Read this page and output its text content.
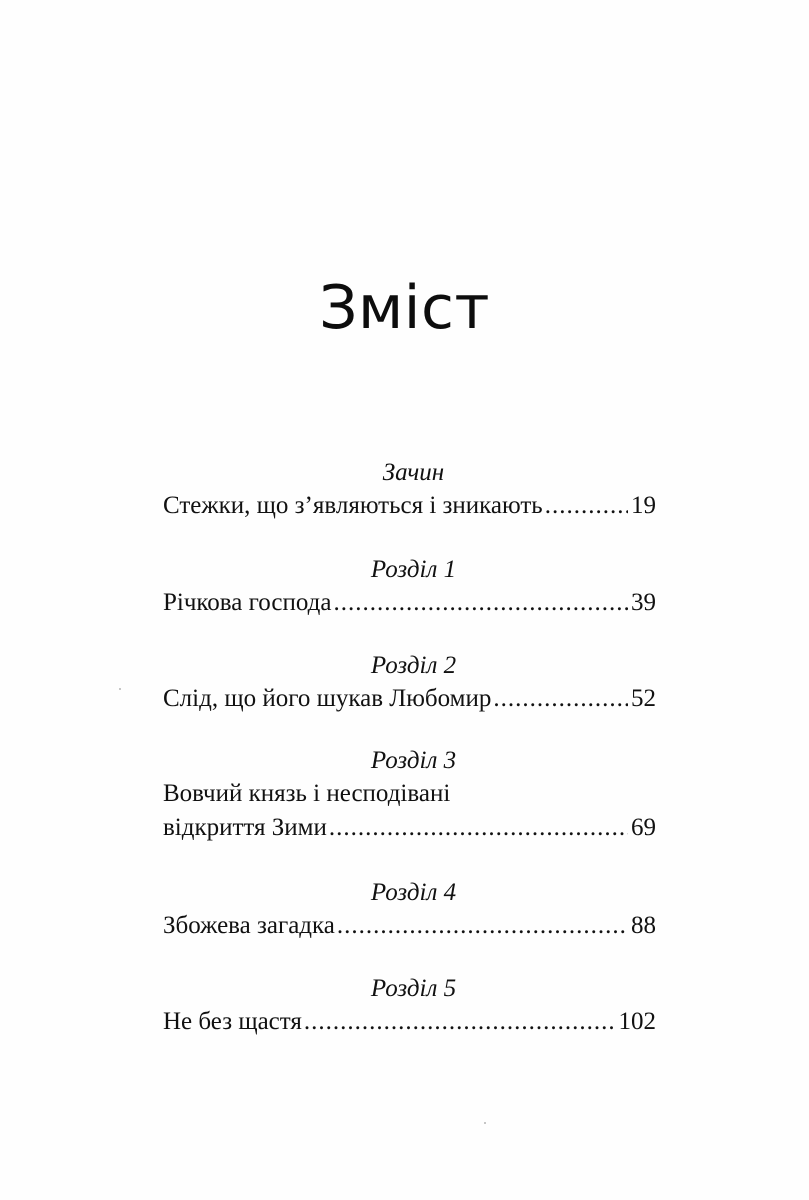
Зміст
Зачин
Стежки, що з’являються і зникають .....	19
Розділ 1
Річкова господа .....	39
Розділ 2
Слід, що його шукав Любомир .....	52
Розділ 3
Вовчий князь і несподівані
відкриття Зими .....	69
Розділ 4
Збожева загадка .....	88
Розділ 5
Не без щастя .....	102
